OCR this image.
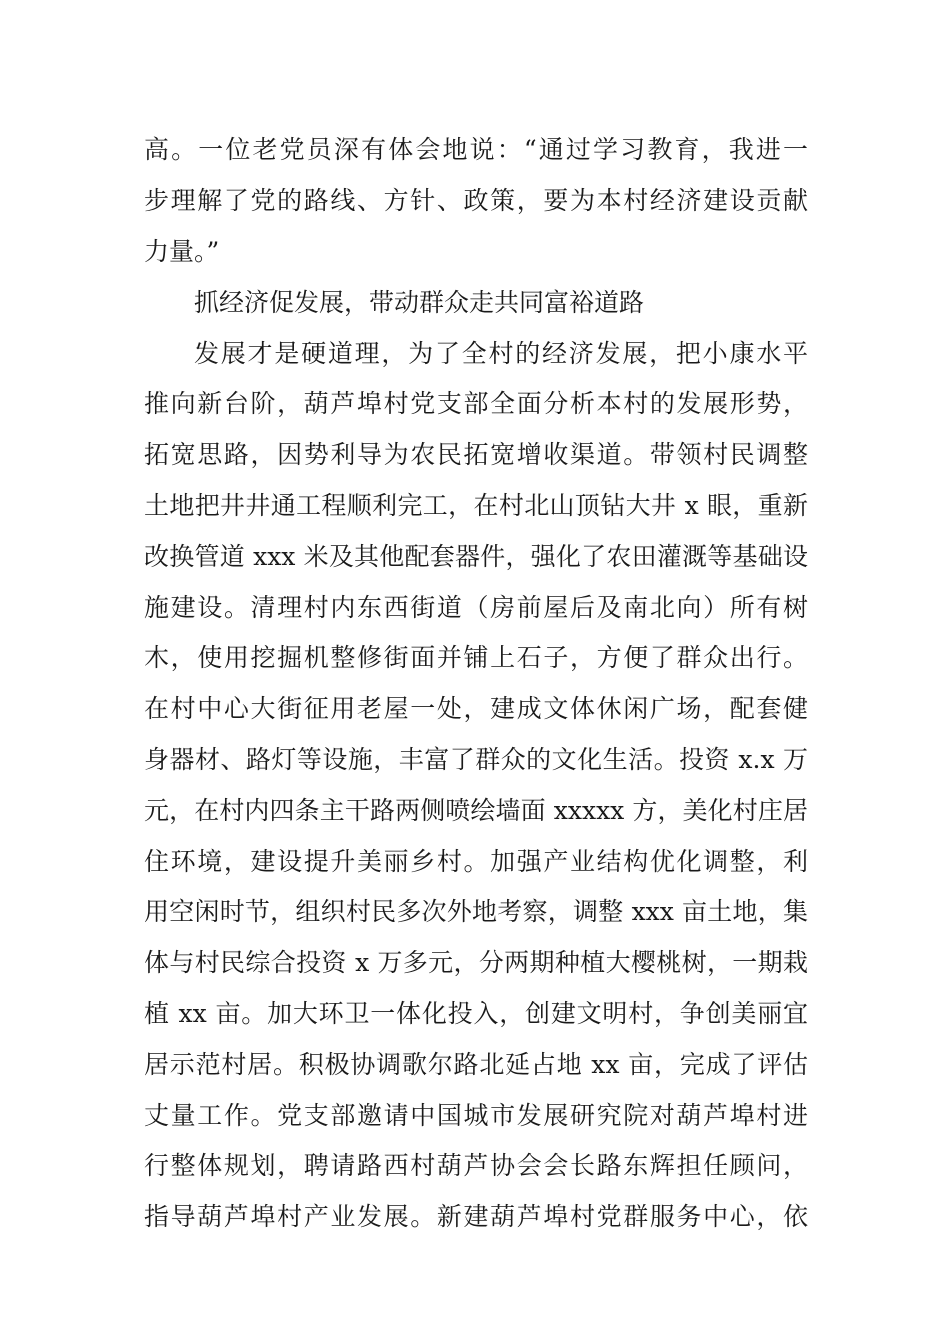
高。一位老党员深有体会地说：“通过学习教育，我进一
步理解了党的路线、方针、政策，要为本村经济建设贡献
力量。”
抓经济促发展，带动群众走共同富裕道路
发展才是硬道理，为了全村的经济发展，把小康水平
推向新台阶，葫芦埠村党支部全面分析本村的发展形势，
拓宽思路，因势利导为农民拓宽增收渠道。带领村民调整
土地把井井通工程顺利完工，在村北山顶钻大井 x 眼，重新
改换管道 xxx 米及其他配套器件，强化了农田灌溉等基础设
施建设。清理村内东西街道（房前屋后及南北向）所有树
木，使用挖掘机整修街面并铺上石子，方便了群众出行。
在村中心大街征用老屋一处，建成文体休闲广场，配套健
身器材、路灯等设施，丰富了群众的文化生活。投资 x.x 万
元，在村内四条主干路两侧喷绘墙面 xxxxx 方，美化村庄居
住环境，建设提升美丽乡村。加强产业结构优化调整，利
用空闲时节，组织村民多次外地考察，调整 xxx 亩土地，集
体与村民综合投资 x 万多元，分两期种植大樱桃树，一期栽
植 xx 亩。加大环卫一体化投入，创建文明村，争创美丽宜
居示范村居。积极协调歌尔路北延占地 xx 亩，完成了评估
丈量工作。党支部邀请中国城市发展研究院对葫芦埠村进
行整体规划，聘请路西村葫芦协会会长路东辉担任顾问，
指导葫芦埠村产业发展。新建葫芦埠村党群服务中心，依
